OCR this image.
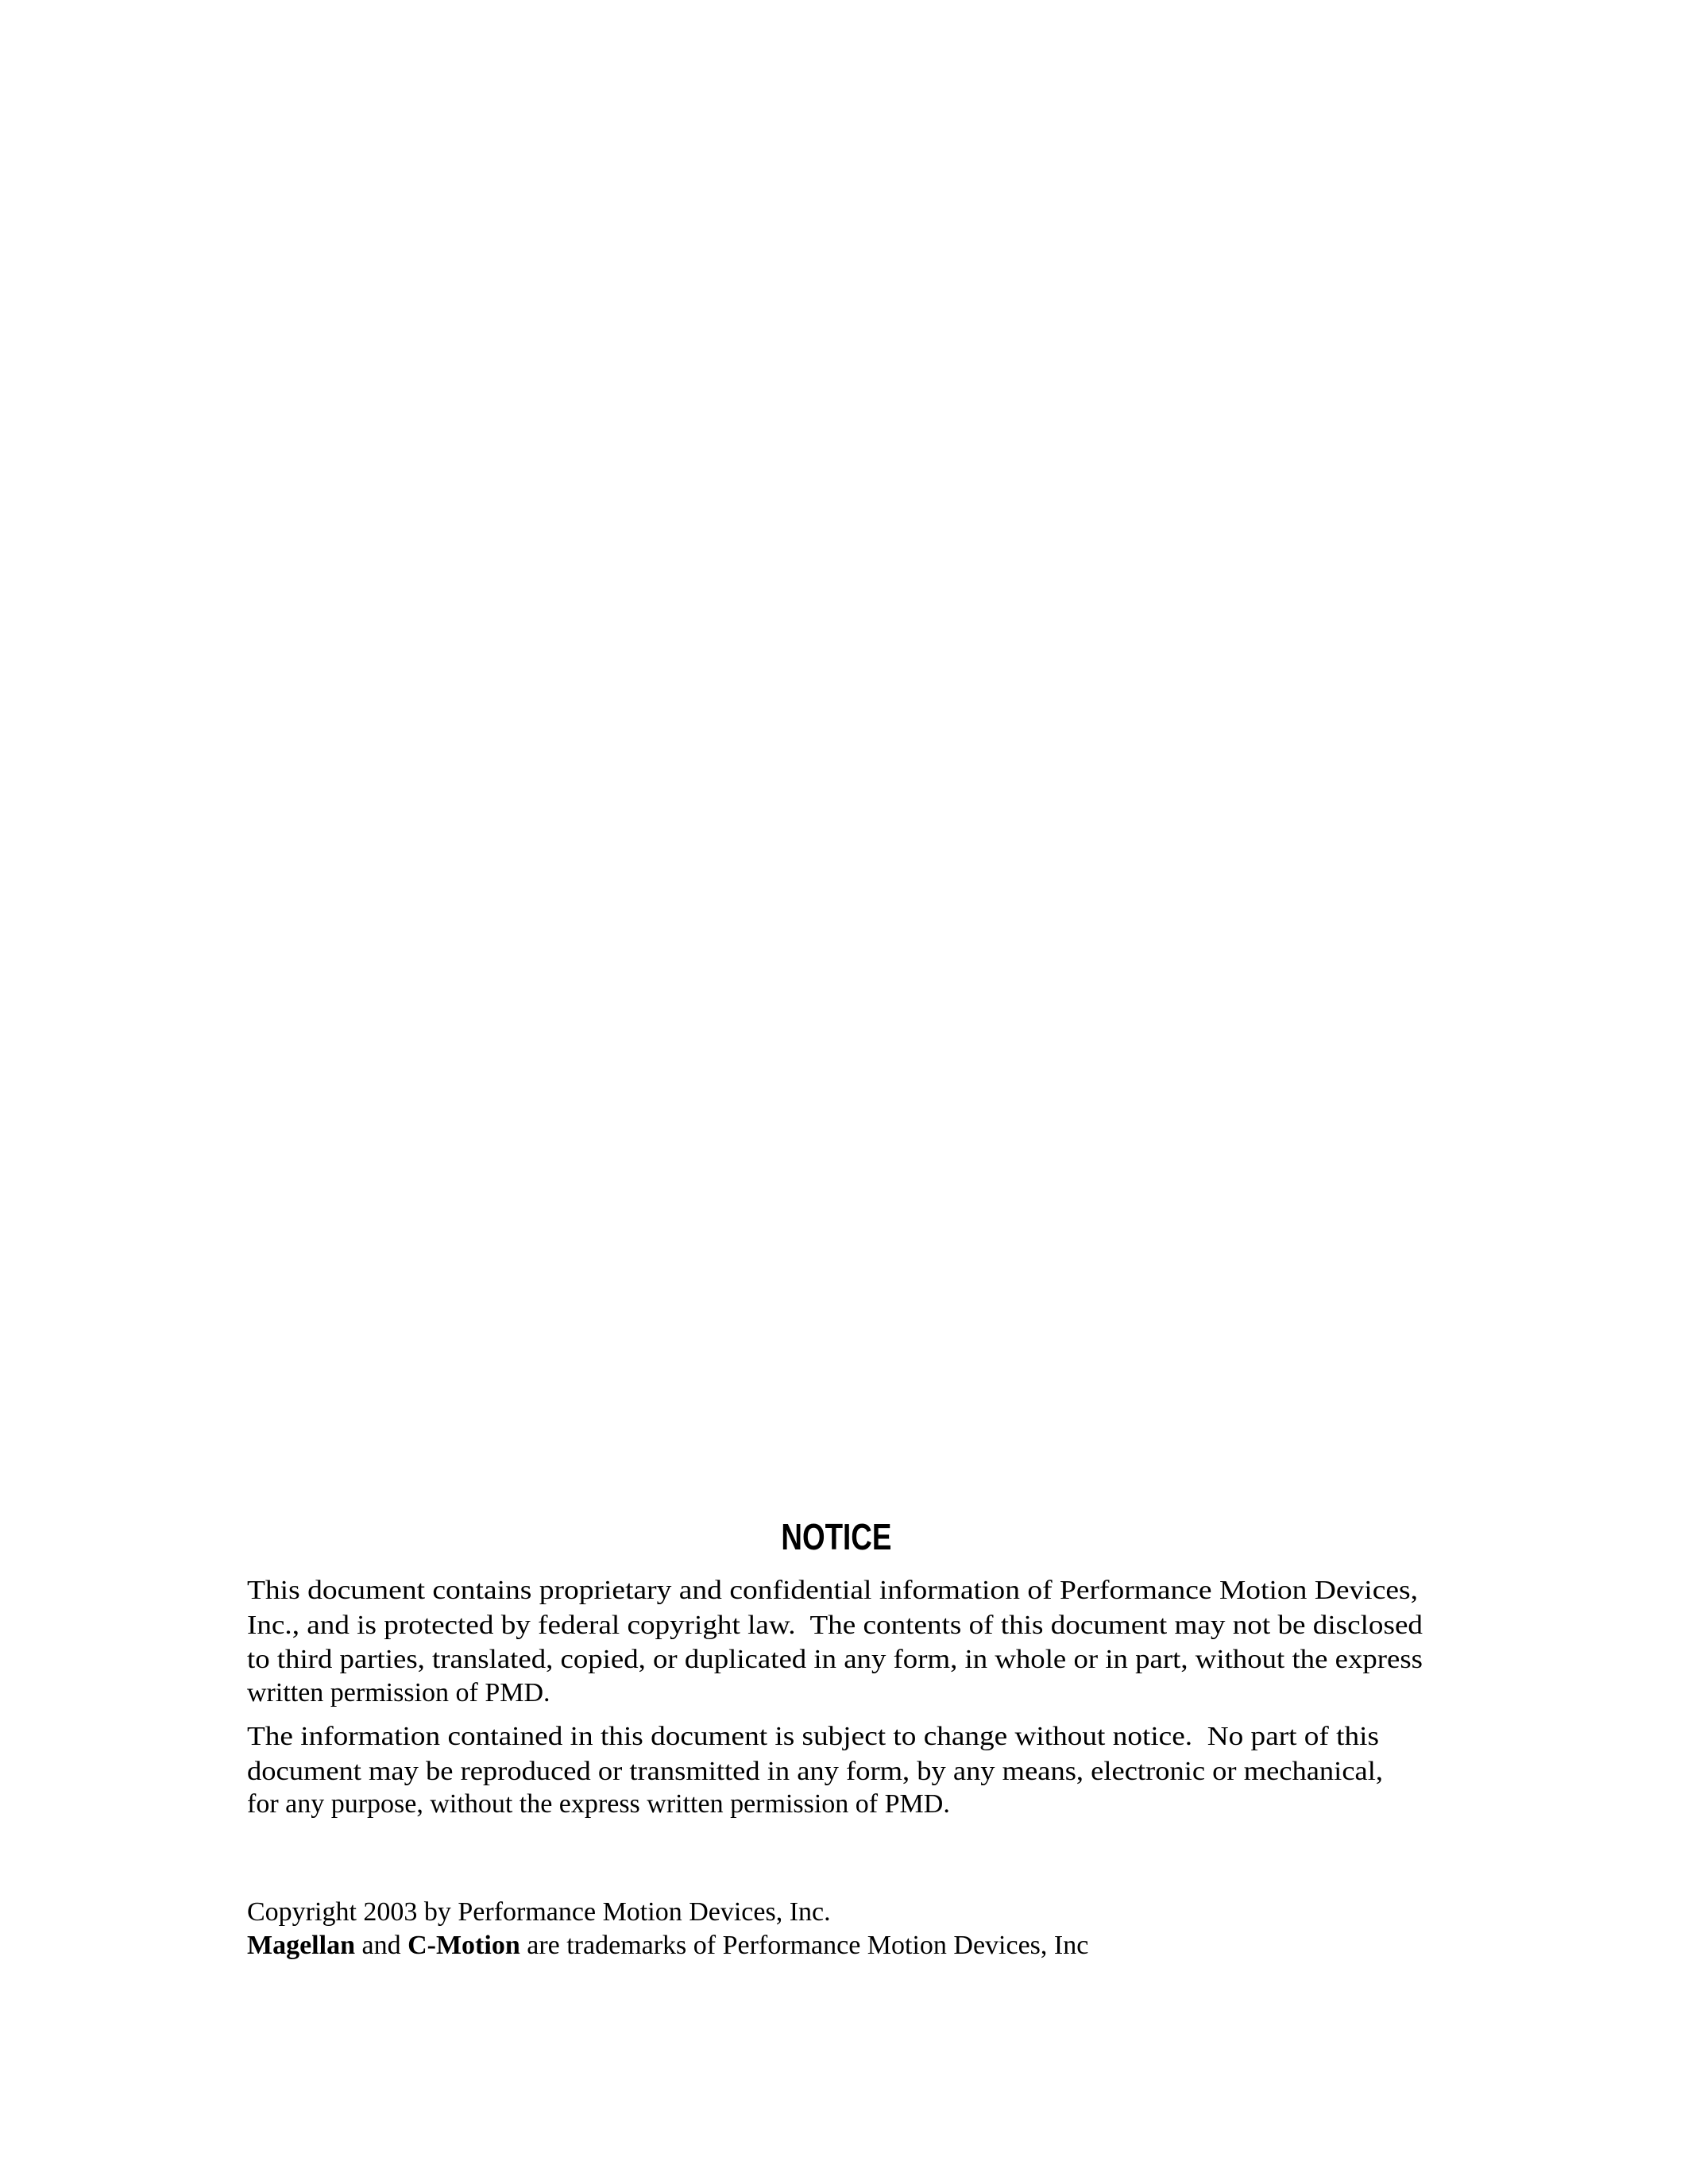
NOTICE
This document contains proprietary and confidential information of Performance Motion Devices,
Inc., and is protected by federal copyright law.  The contents of this document may not be disclosed
to third parties, translated, copied, or duplicated in any form, in whole or in part, without the express
written permission of PMD.
The information contained in this document is subject to change without notice.  No part of this
document may be reproduced or transmitted in any form, by any means, electronic or mechanical,
for any purpose, without the express written permission of PMD.
Copyright 2003 by Performance Motion Devices, Inc.
Magellan and C-Motion are trademarks of Performance Motion Devices, Inc
